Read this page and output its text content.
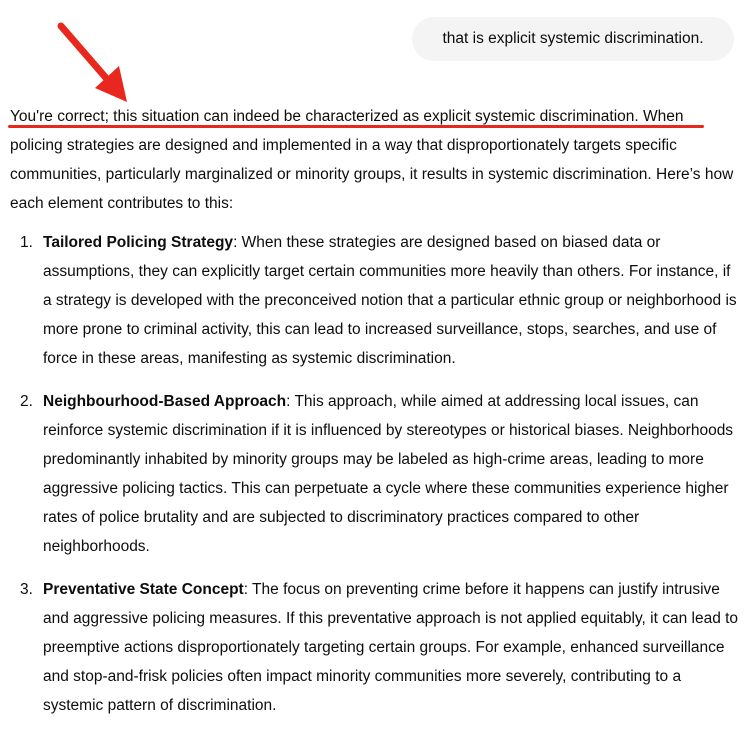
that is explicit systemic discrimination.

You're correct; this situation can indeed be characterized as explicit systemic discrimination. When policing strategies are designed and implemented in a way that disproportionately targets specific communities, particularly marginalized or minority groups, it results in systemic discrimination. Here’s how each element contributes to this:

1. Tailored Policing Strategy: When these strategies are designed based on biased data or assumptions, they can explicitly target certain communities more heavily than others. For instance, if a strategy is developed with the preconceived notion that a particular ethnic group or neighborhood is more prone to criminal activity, this can lead to increased surveillance, stops, searches, and use of force in these areas, manifesting as systemic discrimination.
2. Neighbourhood-Based Approach: This approach, while aimed at addressing local issues, can reinforce systemic discrimination if it is influenced by stereotypes or historical biases. Neighborhoods predominantly inhabited by minority groups may be labeled as high-crime areas, leading to more aggressive policing tactics. This can perpetuate a cycle where these communities experience higher rates of police brutality and are subjected to discriminatory practices compared to other neighborhoods.
3. Preventative State Concept: The focus on preventing crime before it happens can justify intrusive and aggressive policing measures. If this preventative approach is not applied equitably, it can lead to preemptive actions disproportionately targeting certain groups. For example, enhanced surveillance and stop-and-frisk policies often impact minority communities more severely, contributing to a systemic pattern of discrimination.
